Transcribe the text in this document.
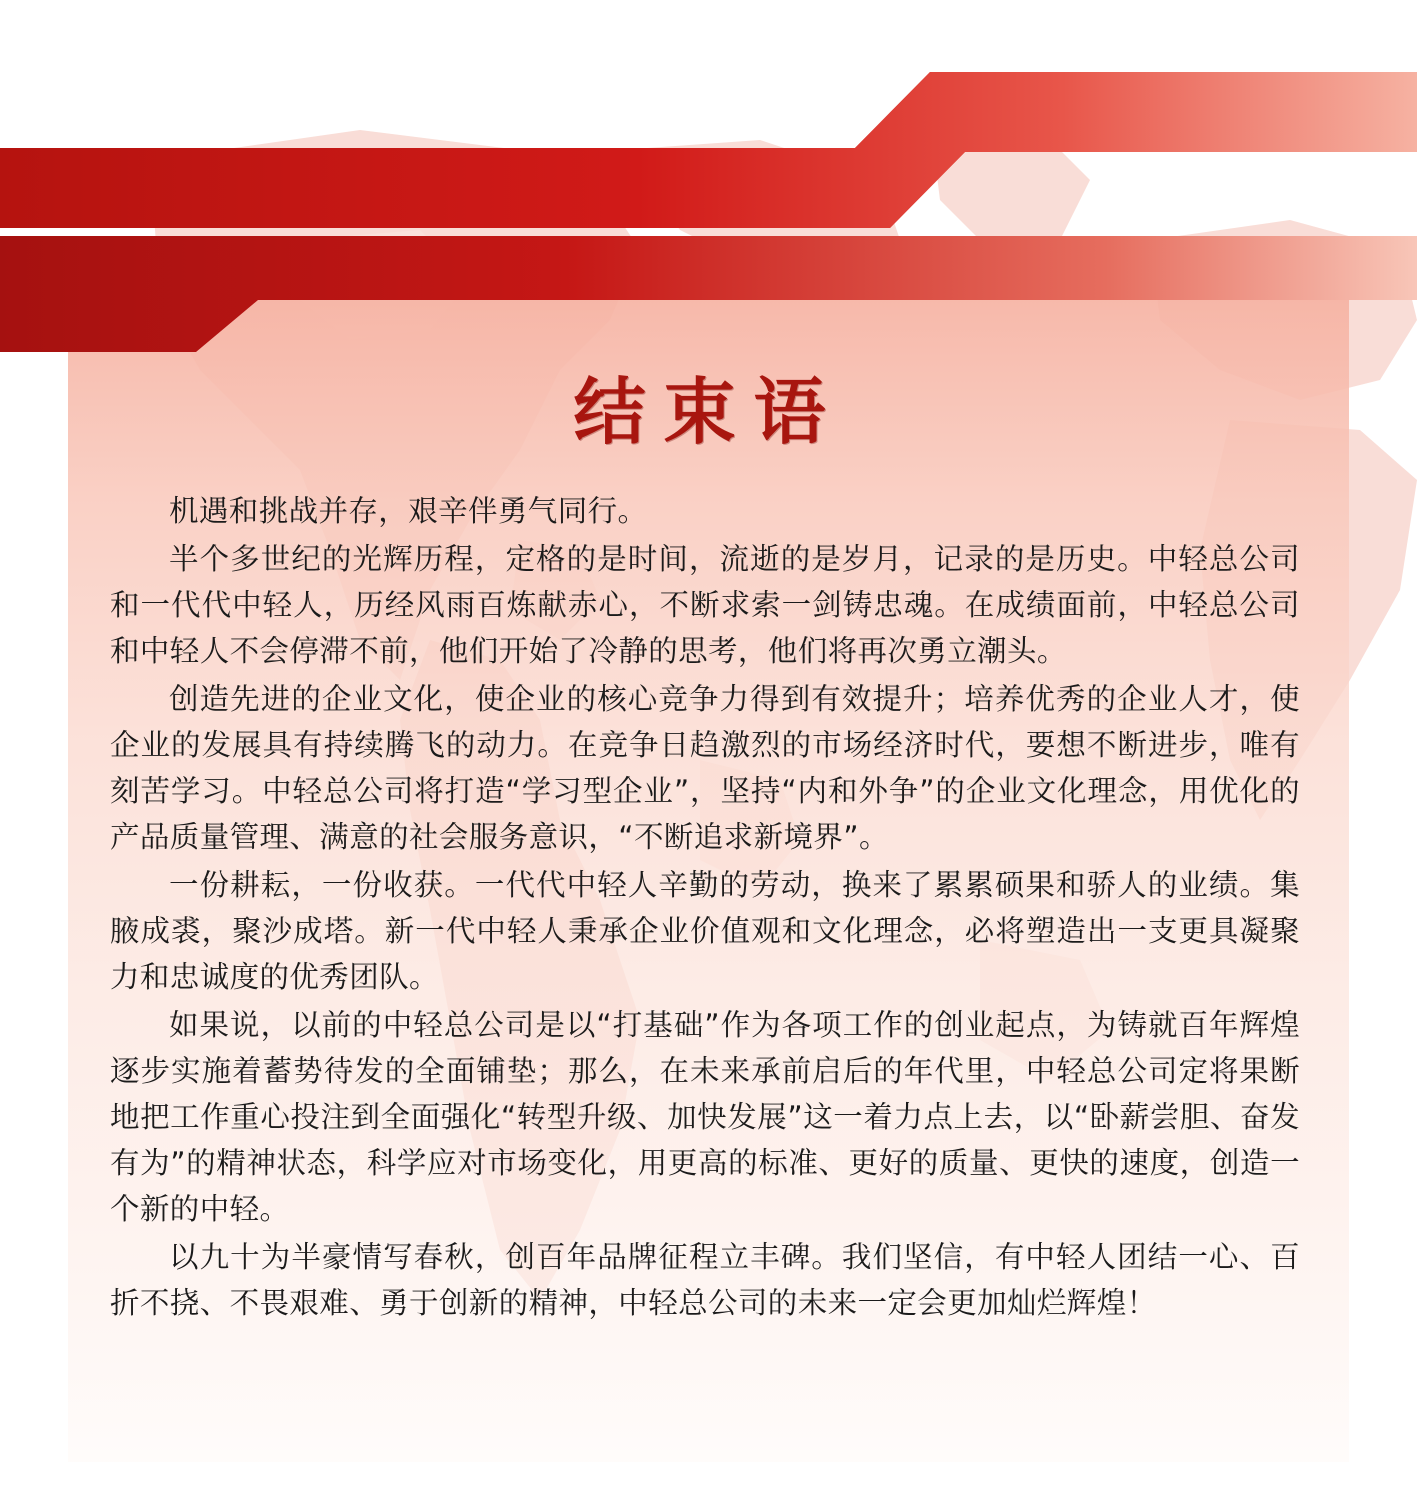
结束语

机遇和挑战并存，艰辛伴勇气同行。

半个多世纪的光辉历程，定格的是时间，流逝的是岁月，记录的是历史。中轻总公司和一代代中轻人，历经风雨百炼献赤心，不断求索一剑铸忠魂。在成绩面前，中轻总公司和中轻人不会停滞不前，他们开始了冷静的思考，他们将再次勇立潮头。

创造先进的企业文化，使企业的核心竞争力得到有效提升；培养优秀的企业人才，使企业的发展具有持续腾飞的动力。在竞争日趋激烈的市场经济时代，要想不断进步，唯有刻苦学习。中轻总公司将打造“学习型企业”，坚持“内和外争”的企业文化理念，用优化的产品质量管理、满意的社会服务意识，“不断追求新境界”。

一份耕耘，一份收获。一代代中轻人辛勤的劳动，换来了累累硕果和骄人的业绩。集腋成裘，聚沙成塔。新一代中轻人秉承企业价值观和文化理念，必将塑造出一支更具凝聚力和忠诚度的优秀团队。

如果说，以前的中轻总公司是以“打基础”作为各项工作的创业起点，为铸就百年辉煌逐步实施着蓄势待发的全面铺垫；那么，在未来承前启后的年代里，中轻总公司定将果断地把工作重心投注到全面强化“转型升级、加快发展”这一着力点上去，以“卧薪尝胆、奋发有为”的精神状态，科学应对市场变化，用更高的标准、更好的质量、更快的速度，创造一个新的中轻。

以九十为半豪情写春秋，创百年品牌征程立丰碑。我们坚信，有中轻人团结一心、百折不挠、不畏艰难、勇于创新的精神，中轻总公司的未来一定会更加灿烂辉煌！
